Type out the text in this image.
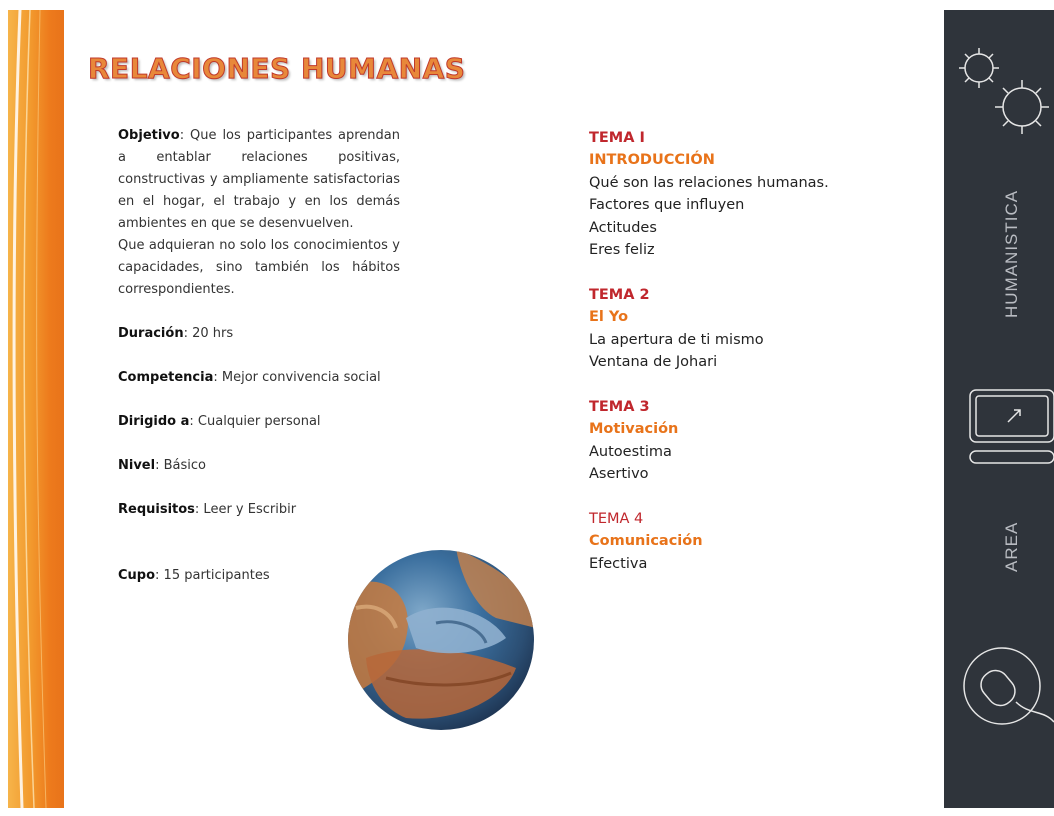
RELACIONES HUMANAS

Objetivo: Que los participantes aprendan a entablar relaciones positivas, constructivas y ampliamente satisfactorias en el hogar, el trabajo y en los demás ambientes en que se desenvuelven.

Que adquieran no solo los conocimientos y capacidades, sino también los hábitos correspondientes.

Duración: 20 hrs

Competencia: Mejor convivencia social

Dirigido a: Cualquier personal

Nivel: Básico

Requisitos: Leer y Escribir

Cupo: 15 participantes

TEMA I
INTRODUCCIÓN
Qué son las relaciones humanas.
Factores que influyen
Actitudes
Eres feliz
TEMA 2
El Yo
La apertura de ti mismo
Ventana de Johari
TEMA 3
Motivación
Autoestima
Asertivo
TEMA 4
Comunicación
Efectiva
HUMANISTICA
AREA
